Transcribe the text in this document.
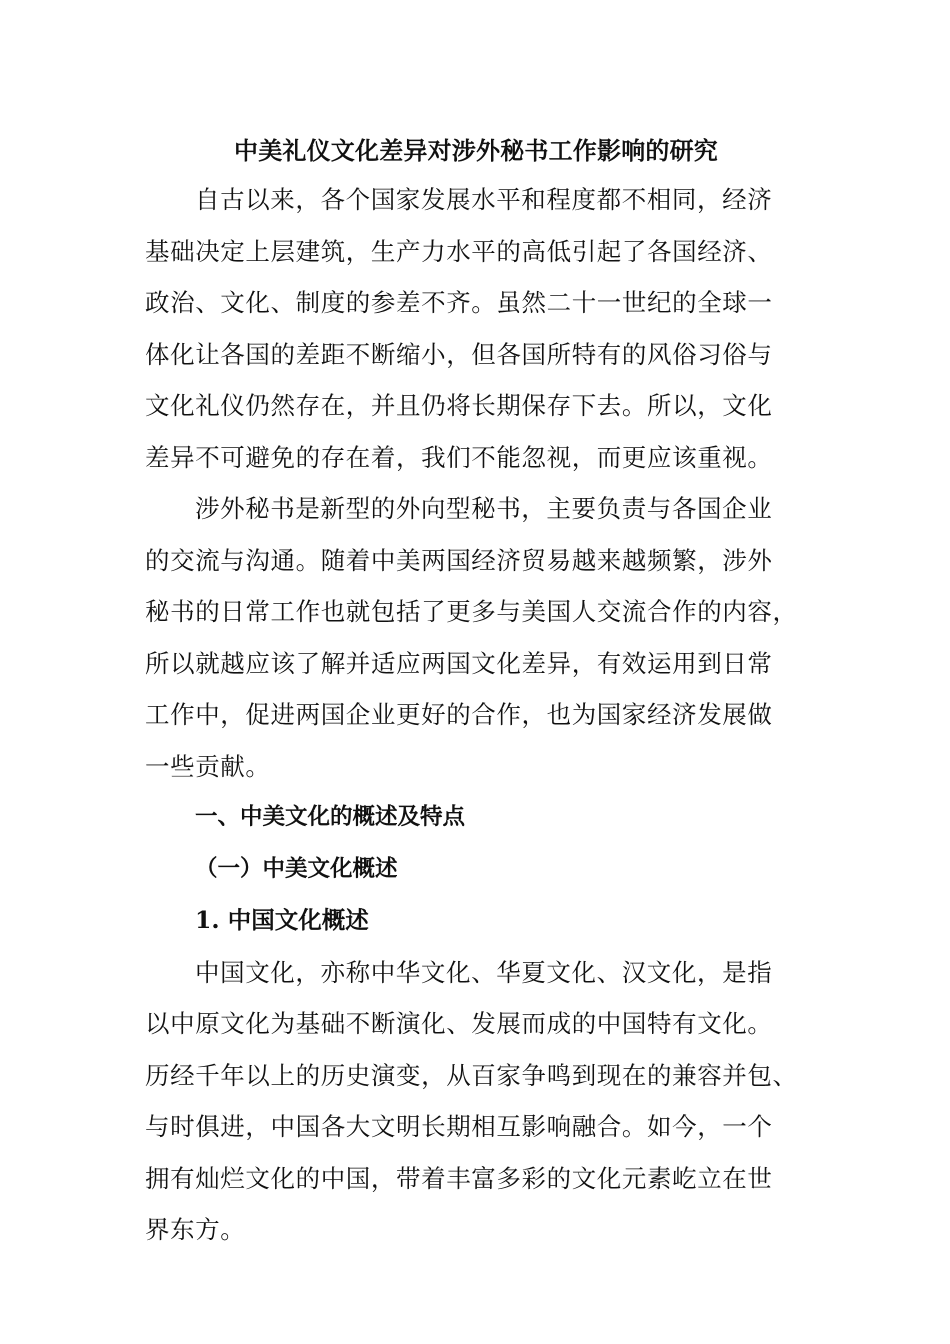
中美礼仪文化差异对涉外秘书工作影响的研究

自古以来，各个国家发展水平和程度都不相同，经济
基础决定上层建筑，生产力水平的高低引起了各国经济、
政治、文化、制度的参差不齐。虽然二十一世纪的全球一
体化让各国的差距不断缩小，但各国所特有的风俗习俗与
文化礼仪仍然存在，并且仍将长期保存下去。所以，文化
差异不可避免的存在着，我们不能忽视，而更应该重视。

涉外秘书是新型的外向型秘书，主要负责与各国企业
的交流与沟通。随着中美两国经济贸易越来越频繁，涉外
秘书的日常工作也就包括了更多与美国人交流合作的内容，
所以就越应该了解并适应两国文化差异，有效运用到日常
工作中，促进两国企业更好的合作，也为国家经济发展做
一些贡献。

一、中美文化的概述及特点
（一）中美文化概述
1. 中国文化概述

中国文化，亦称中华文化、华夏文化、汉文化，是指
以中原文化为基础不断演化、发展而成的中国特有文化。
历经千年以上的历史演变，从百家争鸣到现在的兼容并包、
与时俱进，中国各大文明长期相互影响融合。如今，一个
拥有灿烂文化的中国，带着丰富多彩的文化元素屹立在世
界东方。
